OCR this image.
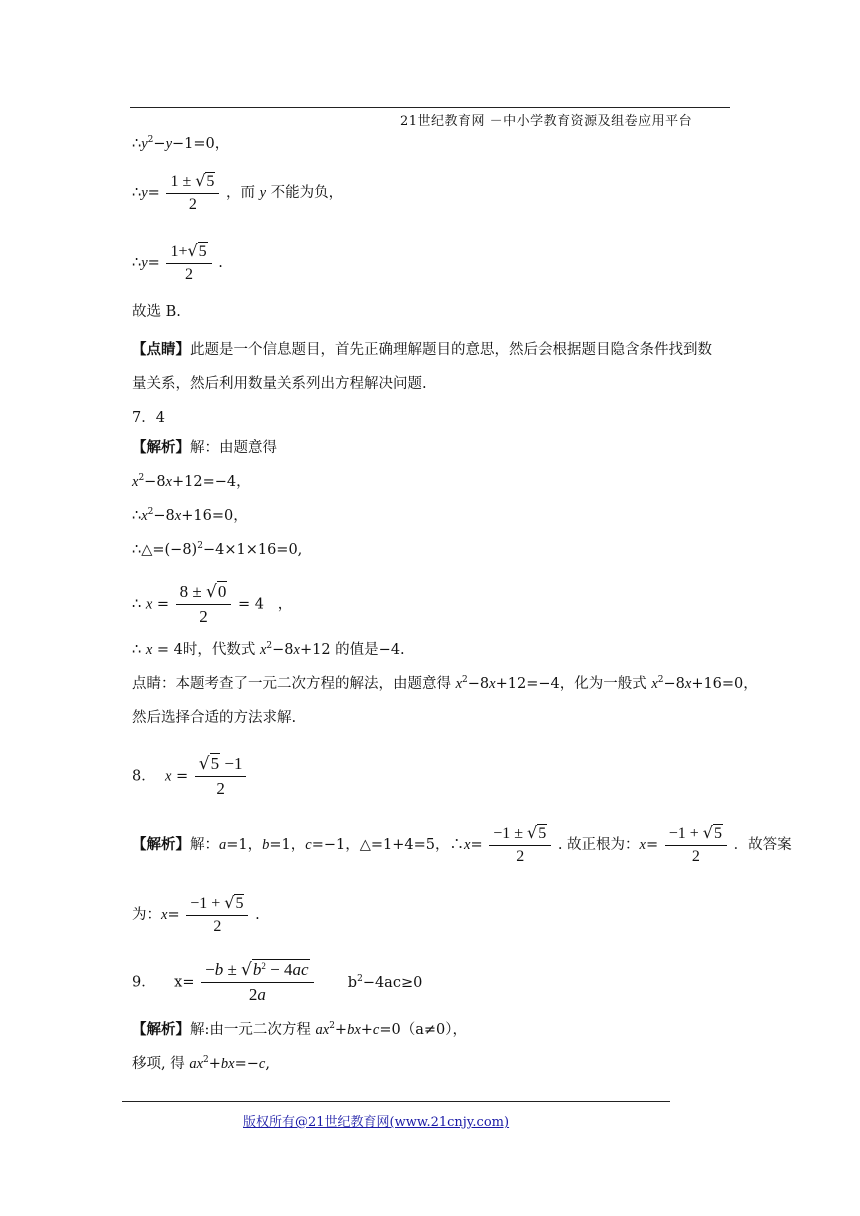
21世纪教育网 －中小学教育资源及组卷应用平台
$\therefore y^2-y-1=0$，
∴y= $\frac{1 \pm √5}{2}$ ，而 y 不能为负，
∴y= $\frac{1+√5}{2}$ .
故选 B.
【点睛】此题是一个信息题目，首先正确理解题目的意思，然后会根据题目隐含条件找到数
量关系，然后利用数量关系列出方程解决问题.
7．4
【解析】解：由题意得
$x^2-8x+12=-4$，
$\therefore x^2-8x+16=0$，
$\therefore\triangle=(-8)^2-4\times 1\times 16=0$,
∴ $x = \frac{8 \pm √0}{2} = 4$   ，
∴ x = 4时，代数式 $x^2-8x+12$ 的值是−4.
点睛：本题考查了一元二次方程的解法，由题意得 $x^2-8x+12=-4$，化为一般式 $x^2-8x+16=0$，
然后选择合适的方法求解.
8．  $x = \frac{√5 -1}{2}$
【解析】解：a=1，b=1，c=−1，△=1+4=5，∴x= $\frac{-1 \pm √5}{2}$ . 故正根为：$x= \frac{-1 + √5}{2}$ ．故答案
为：$x= \frac{-1 + √5}{2}$ .
9．    $x= \frac{-b \pm √b^2 - 4ac}{2a} b^2-4ac\ge 0$
【解析】解:由一元二次方程 $ax^2+bx+c=0(a\ne 0)$，
移项, 得 $ax^2+bx=-c$,
版权所有@21世纪教育网(www.21cnjy.com)
